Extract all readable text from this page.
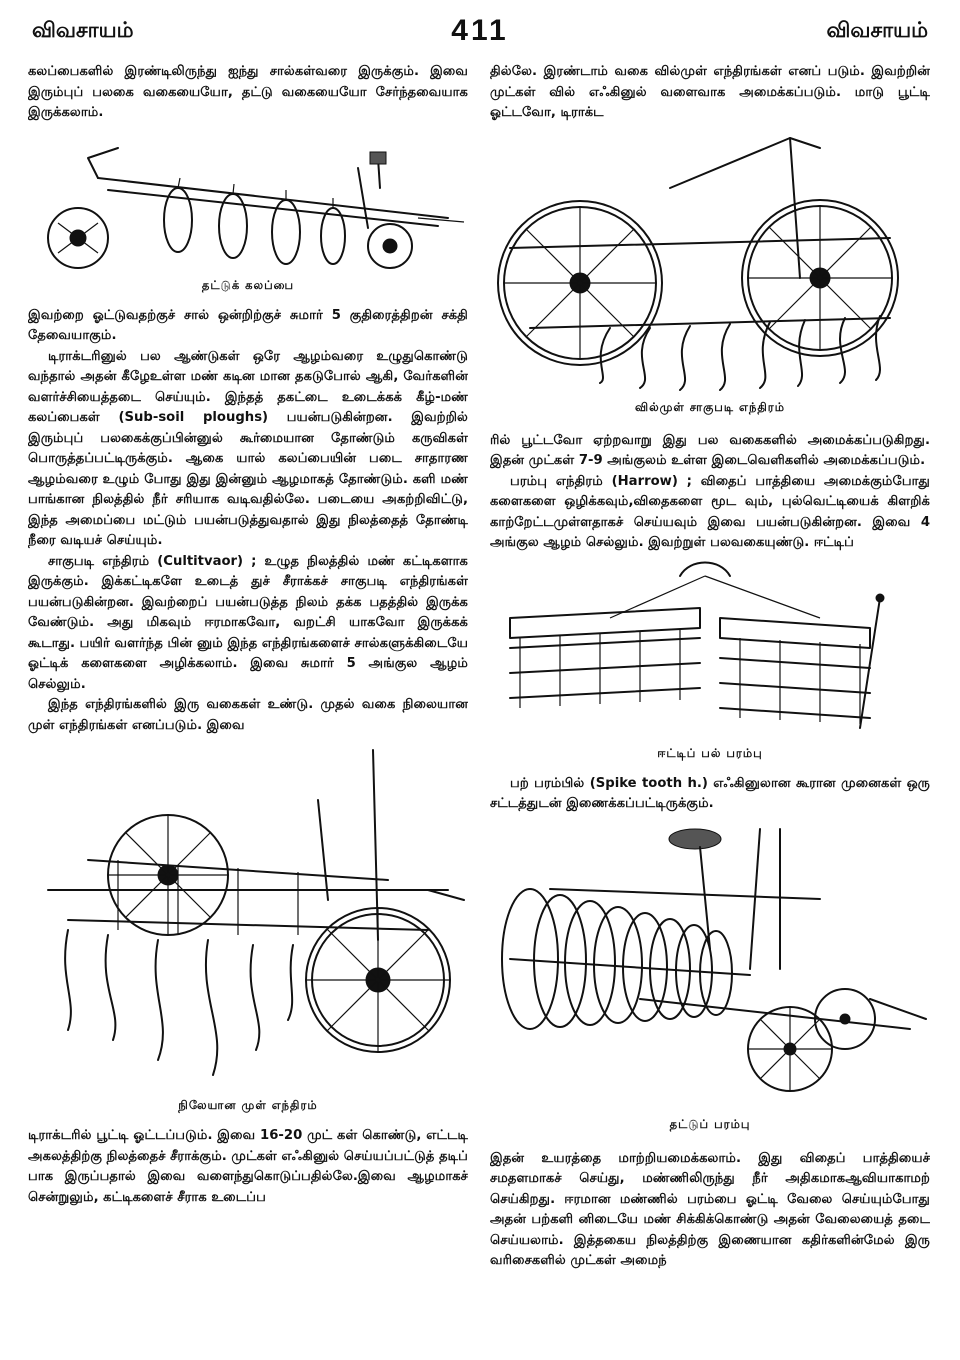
விவசாயம்	411	விவசாயம்

கலப்பைகளில் இரண்டிலிருந்து ஐந்து சால்கள்வரை இருக்கும். இவை இரும்புப் பலகை வகையையோ, தட்டு வகையையோ சேர்ந்தவையாக இருக்கலாம்.

தட்டுக் கலப்பை

இவற்றை ஓட்டுவதற்குச் சால் ஒன்றிற்குச் சுமார் 5 குதிரைத்திறன் சக்தி தேவையாகும்.

டிராக்டரினுல் பல ஆண்டுகள் ஒரே ஆழம்வரை உழுதுகொண்டு வந்தால் அதன் கீழேஉள்ள மண் கடின மான தகடுபோல் ஆகி, வேர்களின் வளர்ச்சியைத்தடை செய்யும். இந்தத் தகட்டை உடைக்கக் கீழ்-மண் கலப்பைகள் (Sub-soil ploughs) பயன்படுகின்றன. இவற்றில் இரும்புப் பலகைக்குப்பின்னுல் கூர்மையான தோண்டும் கருவிகள் பொருத்தப்பட்டிருக்கும். ஆகை யால் கலப்பையின் படை சாதாரண ஆழம்வரை உழும் போது இது இன்னும் ஆழமாகத் தோண்டும். களி மண் பாங்கான நிலத்தில் நீர் சரியாக வடிவதில்லே. படையை அகற்றிவிட்டு, இந்த அமைப்பை மட்டும் பயன்படுத்துவதால் இது நிலத்தைத் தோண்டி நீரை வடியச் செய்யும்.

சாகுபடி எந்திரம் (Cultitvaor) ; உழுத நிலத்தில் மண் கட்டிகளாக இருக்கும். இக்கட்டிகளே உடைத் துச் சீராக்கச் சாகுபடி எந்திரங்கள் பயன்படுகின்றன. இவற்றைப் பயன்படுத்த நிலம் தக்க பதத்தில் இருக்க வேண்டும். அது மிகவும் ஈரமாகவோ, வறட்சி யாகவோ இருக்கக் கூடாது. பயிர் வளர்ந்த பின் னும் இந்த எந்திரங்களைச் சால்களுக்கிடையே ஓட்டிக் களைகளை அழிக்கலாம். இவை சுமார் 5 அங்குல ஆழம் செல்லும்.

இந்த எந்திரங்களில் இரு வகைகள் உண்டு. முதல் வகை நிலையான முள் எந்திரங்கள் எனப்படும். இவை

நிலேயான முள் எந்திரம்

டிராக்டரில் பூட்டி ஓட்டப்படும். இவை 16-20 முட் கள் கொண்டு, எட்டடி அகலத்திற்கு நிலத்தைச் சீராக்கும். முட்கள் எஃகினுல் செய்யப்பட்டுத் தடிப் பாக இருப்பதால் இவை வளைந்துகொடுப்பதில்லே.இவை ஆழமாகச் சென்றுலும், கட்டிகளைச் சீராக உடைப்ப

தில்லே. இரண்டாம் வகை வில்முள் எந்திரங்கள் எனப் படும். இவற்றின் முட்கள் வில் எஃகினுல் வளைவாக அமைக்கப்படும். மாடு பூட்டி ஓட்டவோ, டிராக்ட

வில்முள் சாகுபடி எந்திரம்

ரில் பூட்டவோ ஏற்றவாறு இது பல வகைகளில் அமைக்கப்படுகிறது. இதன் முட்கள் 7-9 அங்குலம் உள்ள இடைவெளிகளில் அமைக்கப்படும்.

பரம்பு எந்திரம் (Harrow) ; விதைப் பாத்தியை அமைக்கும்போது களைகளை ஒழிக்கவும்,விதைகளை மூட வும், புல்வெட்டியைக் கிளறிக் காற்றேட்டமுள்ளதாகச் செய்யவும் இவை பயன்படுகின்றன. இவை 4 அங்குல ஆழம் செல்லும். இவற்றுள் பலவகையுண்டு. ஈட்டிப்

ஈட்டிப் பல் பரம்பு

பற் பரம்பில் (Spike tooth h.) எஃகினுலான கூரான முனைகள் ஒரு சட்டத்துடன் இணைக்கப்பட்டிருக்கும்.

தட்டுப் பரம்பு

இதன் உயரத்தை மாற்றியமைக்கலாம். இது விதைப் பாத்தியைச் சமதளமாகச் செய்து, மண்ணிலிருந்து நீர் அதிகமாகஆவியாகாமற் செய்கிறது. ஈரமான மண்ணில் பரம்பை ஓட்டி வேலை செய்யும்போது அதன் பற்களி னிடையே மண் சிக்கிக்கொண்டு அதன் வேலையைத் தடை செய்யலாம். இத்தகைய நிலத்திற்கு இணையான கதிர்களின்மேல் இரு வரிசைகளில் முட்கள் அமைந்
